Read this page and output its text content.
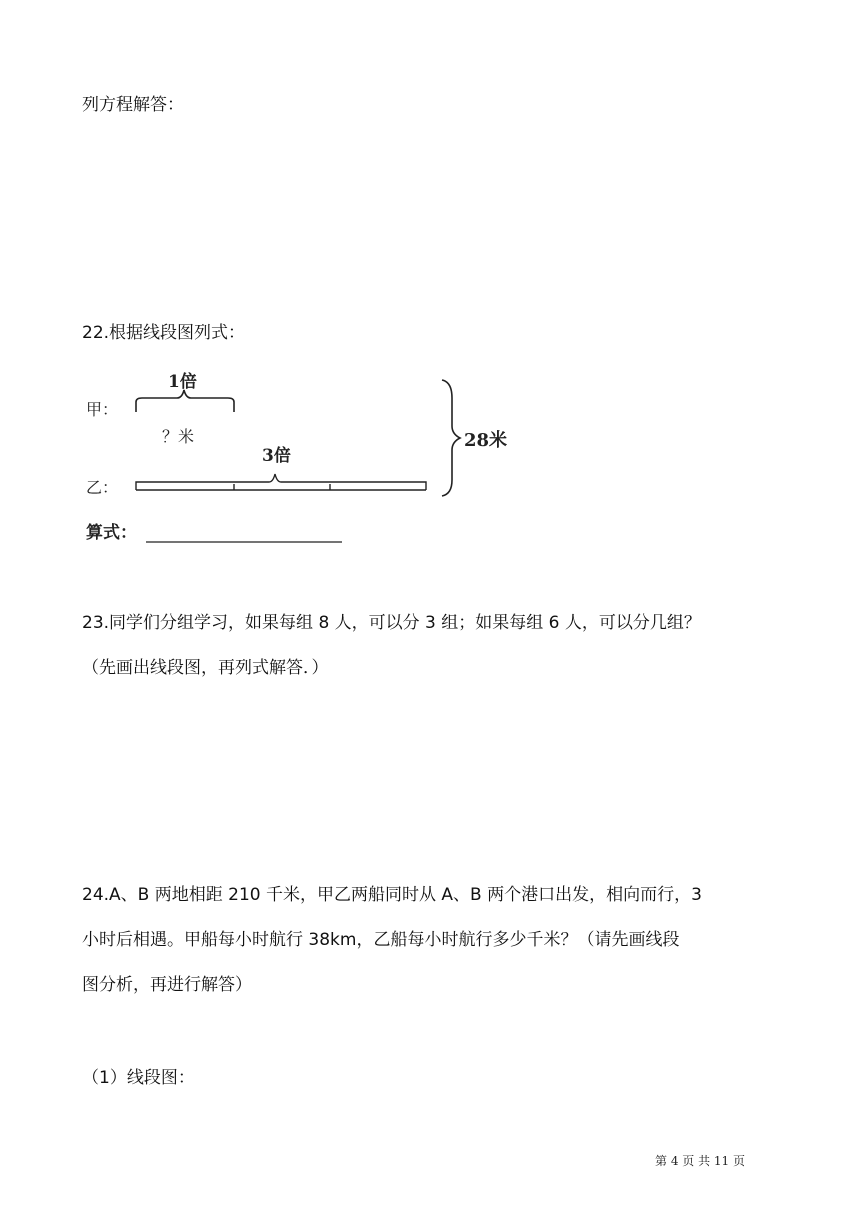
列方程解答：
22.根据线段图列式：
甲：
1倍
？米
3倍
乙：
28米
算式：
23.同学们分组学习，如果每组 8 人，可以分 3 组；如果每组 6 人，可以分几组？
（先画出线段图，再列式解答．）
24.A、B 两地相距 210 千米，甲乙两船同时从 A、B 两个港口出发，相向而行，3
小时后相遇。甲船每小时航行 38km，乙船每小时航行多少千米？（请先画线段
图分析，再进行解答）
（1）线段图：
第 4 页 共 11 页
